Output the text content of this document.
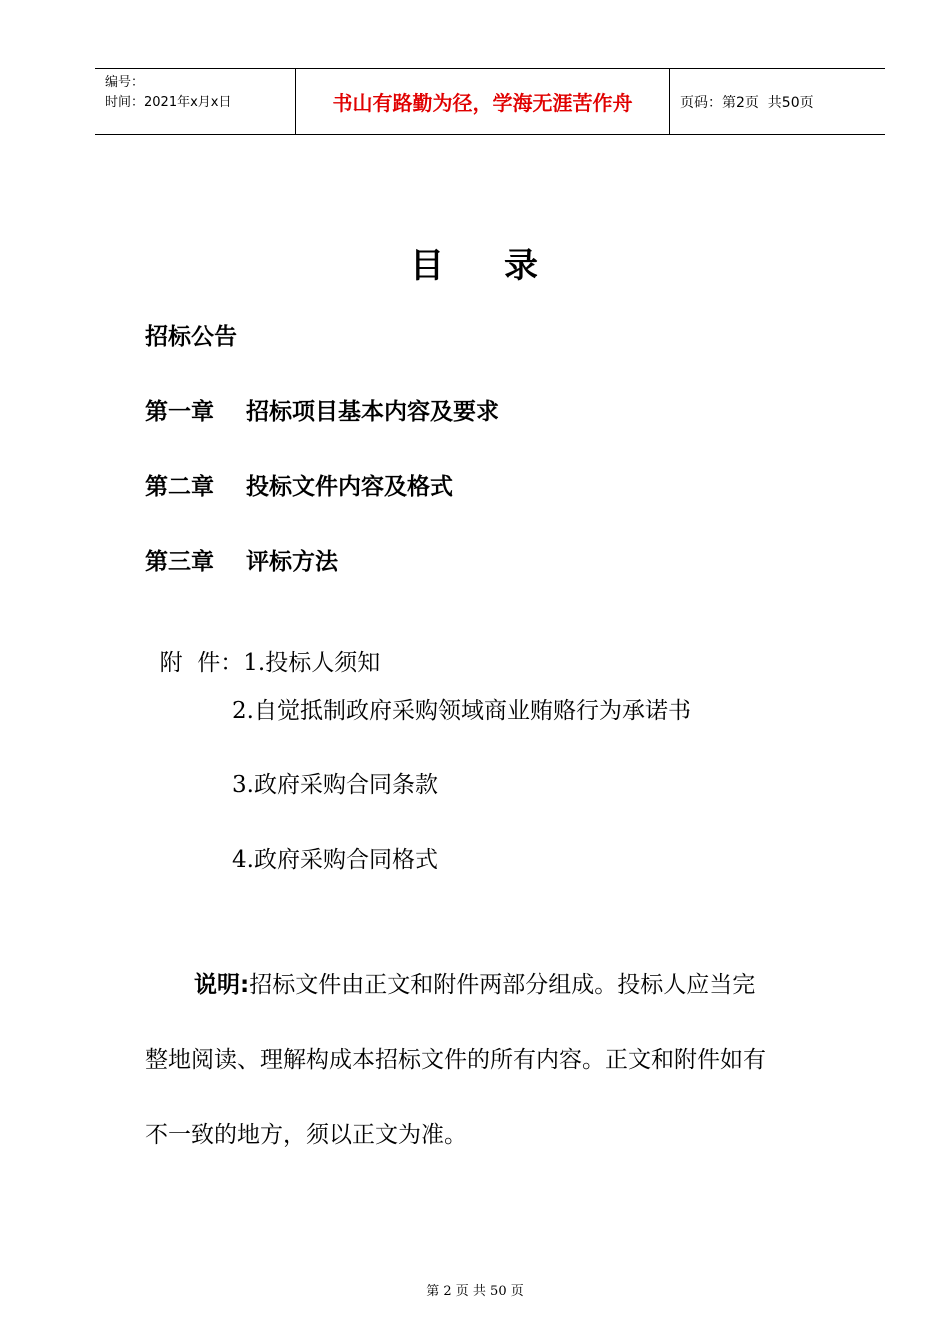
编号：
时间：2021年x月x日	书山有路勤为径，学海无涯苦作舟	页码：第2页  共50页
目 录
招标公告
第一章 招标项目基本内容及要求
第二章 投标文件内容及格式
第三章 评标方法

附  件：1.投标人须知

2.自觉抵制政府采购领域商业贿赂行为承诺书
3.政府采购合同条款
4.政府采购合同格式
说明:招标文件由正文和附件两部分组成。投标人应当完
整地阅读、理解构成本招标文件的所有内容。正文和附件如有
不一致的地方，须以正文为准。
第 2 页 共 50 页
